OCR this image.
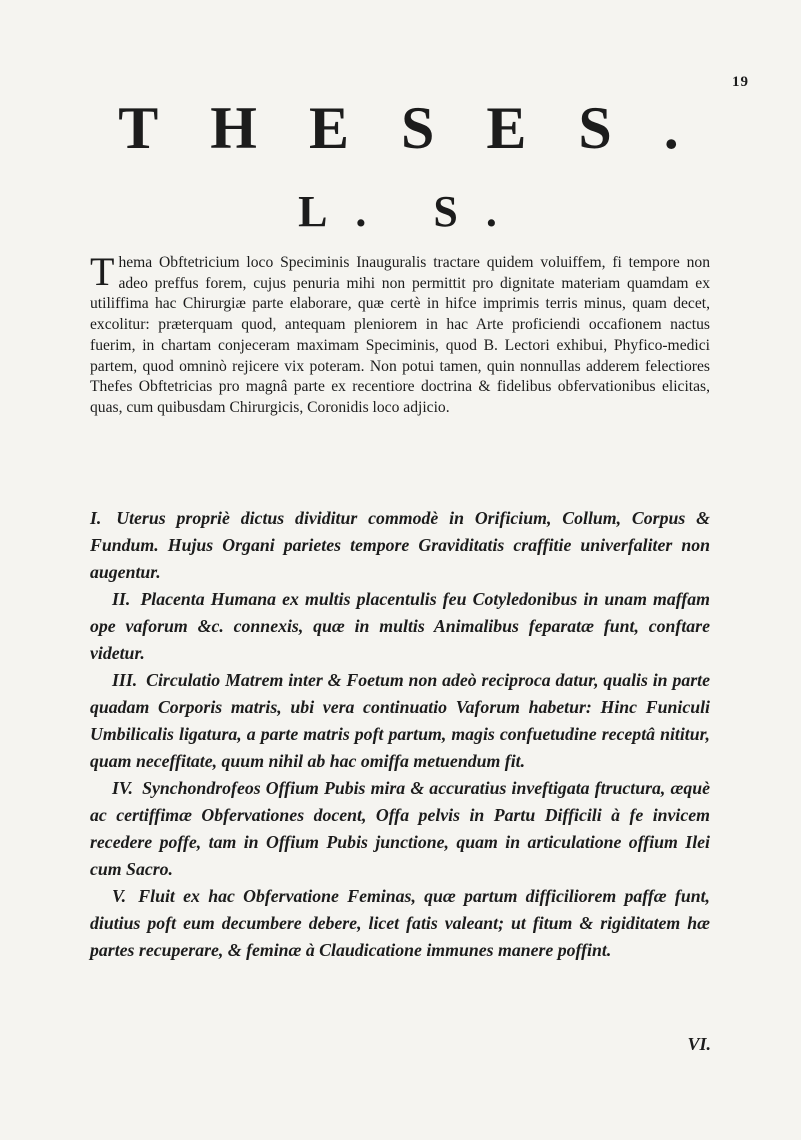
19
THESES.
L. S.

T hema Obftetricium loco Speciminis Inauguralis tractare quidem voluiffem, fi tempore non adeo preffus forem, cujus penuria mihi non permittit pro dignitate materiam quamdam ex utiliffima hac Chirurgiæ parte elaborare, quæ certè in hifce imprimis terris minus, quam decet, excolitur: præterquam quod, antequam pleniorem in hac Arte proficiendi occafionem nactus fuerim, in chartam conjeceram maximam Speciminis, quod B. Lectori exhibui, Phyfico-medici partem, quod omninò rejicere vix poteram. Non potui tamen, quin nonnullas adderem felectiores Thefes Obftetricias pro magnâ parte ex recentiore doctrina & fidelibus obfervationibus elicitas, quas, cum quibusdam Chirurgicis, Coronidis loco adjicio.

I. Uterus propriè dictus dividitur commodè in Orificium, Collum, Corpus & Fundum. Hujus Organi parietes tempore Graviditatis craffitie univerfaliter non augentur.
II. Placenta Humana ex multis placentulis feu Cotyledonibus in unam maffam ope vaforum &c. connexis, quæ in multis Animalibus feparatæ funt, conftare videtur.
III. Circulatio Matrem inter & Foetum non adeò reciproca datur, qualis in parte quadam Corporis matris, ubi vera continuatio Vaforum habetur: Hinc Funiculi Umbilicalis ligatura, a parte matris poft partum, magis confuetudine receptâ nititur, quam neceffitate, quum nihil ab hac omiffa metuendum fit.
IV. Synchondrofeos Offium Pubis mira & accuratius inveftigata ftructura, æquè ac certiffimæ Obfervationes docent, Offa pelvis in Partu Difficili à fe invicem recedere poffe, tam in Offium Pubis junctione, quam in articulatione offium Ilei cum Sacro.
V. Fluit ex hac Obfervatione Feminas, quæ partum difficiliorem paffæ funt, diutius poft eum decumbere debere, licet fatis valeant; ut fitum & rigiditatem hæ partes recuperare, & feminæ à Claudicatione immunes manere poffint.
VI.
